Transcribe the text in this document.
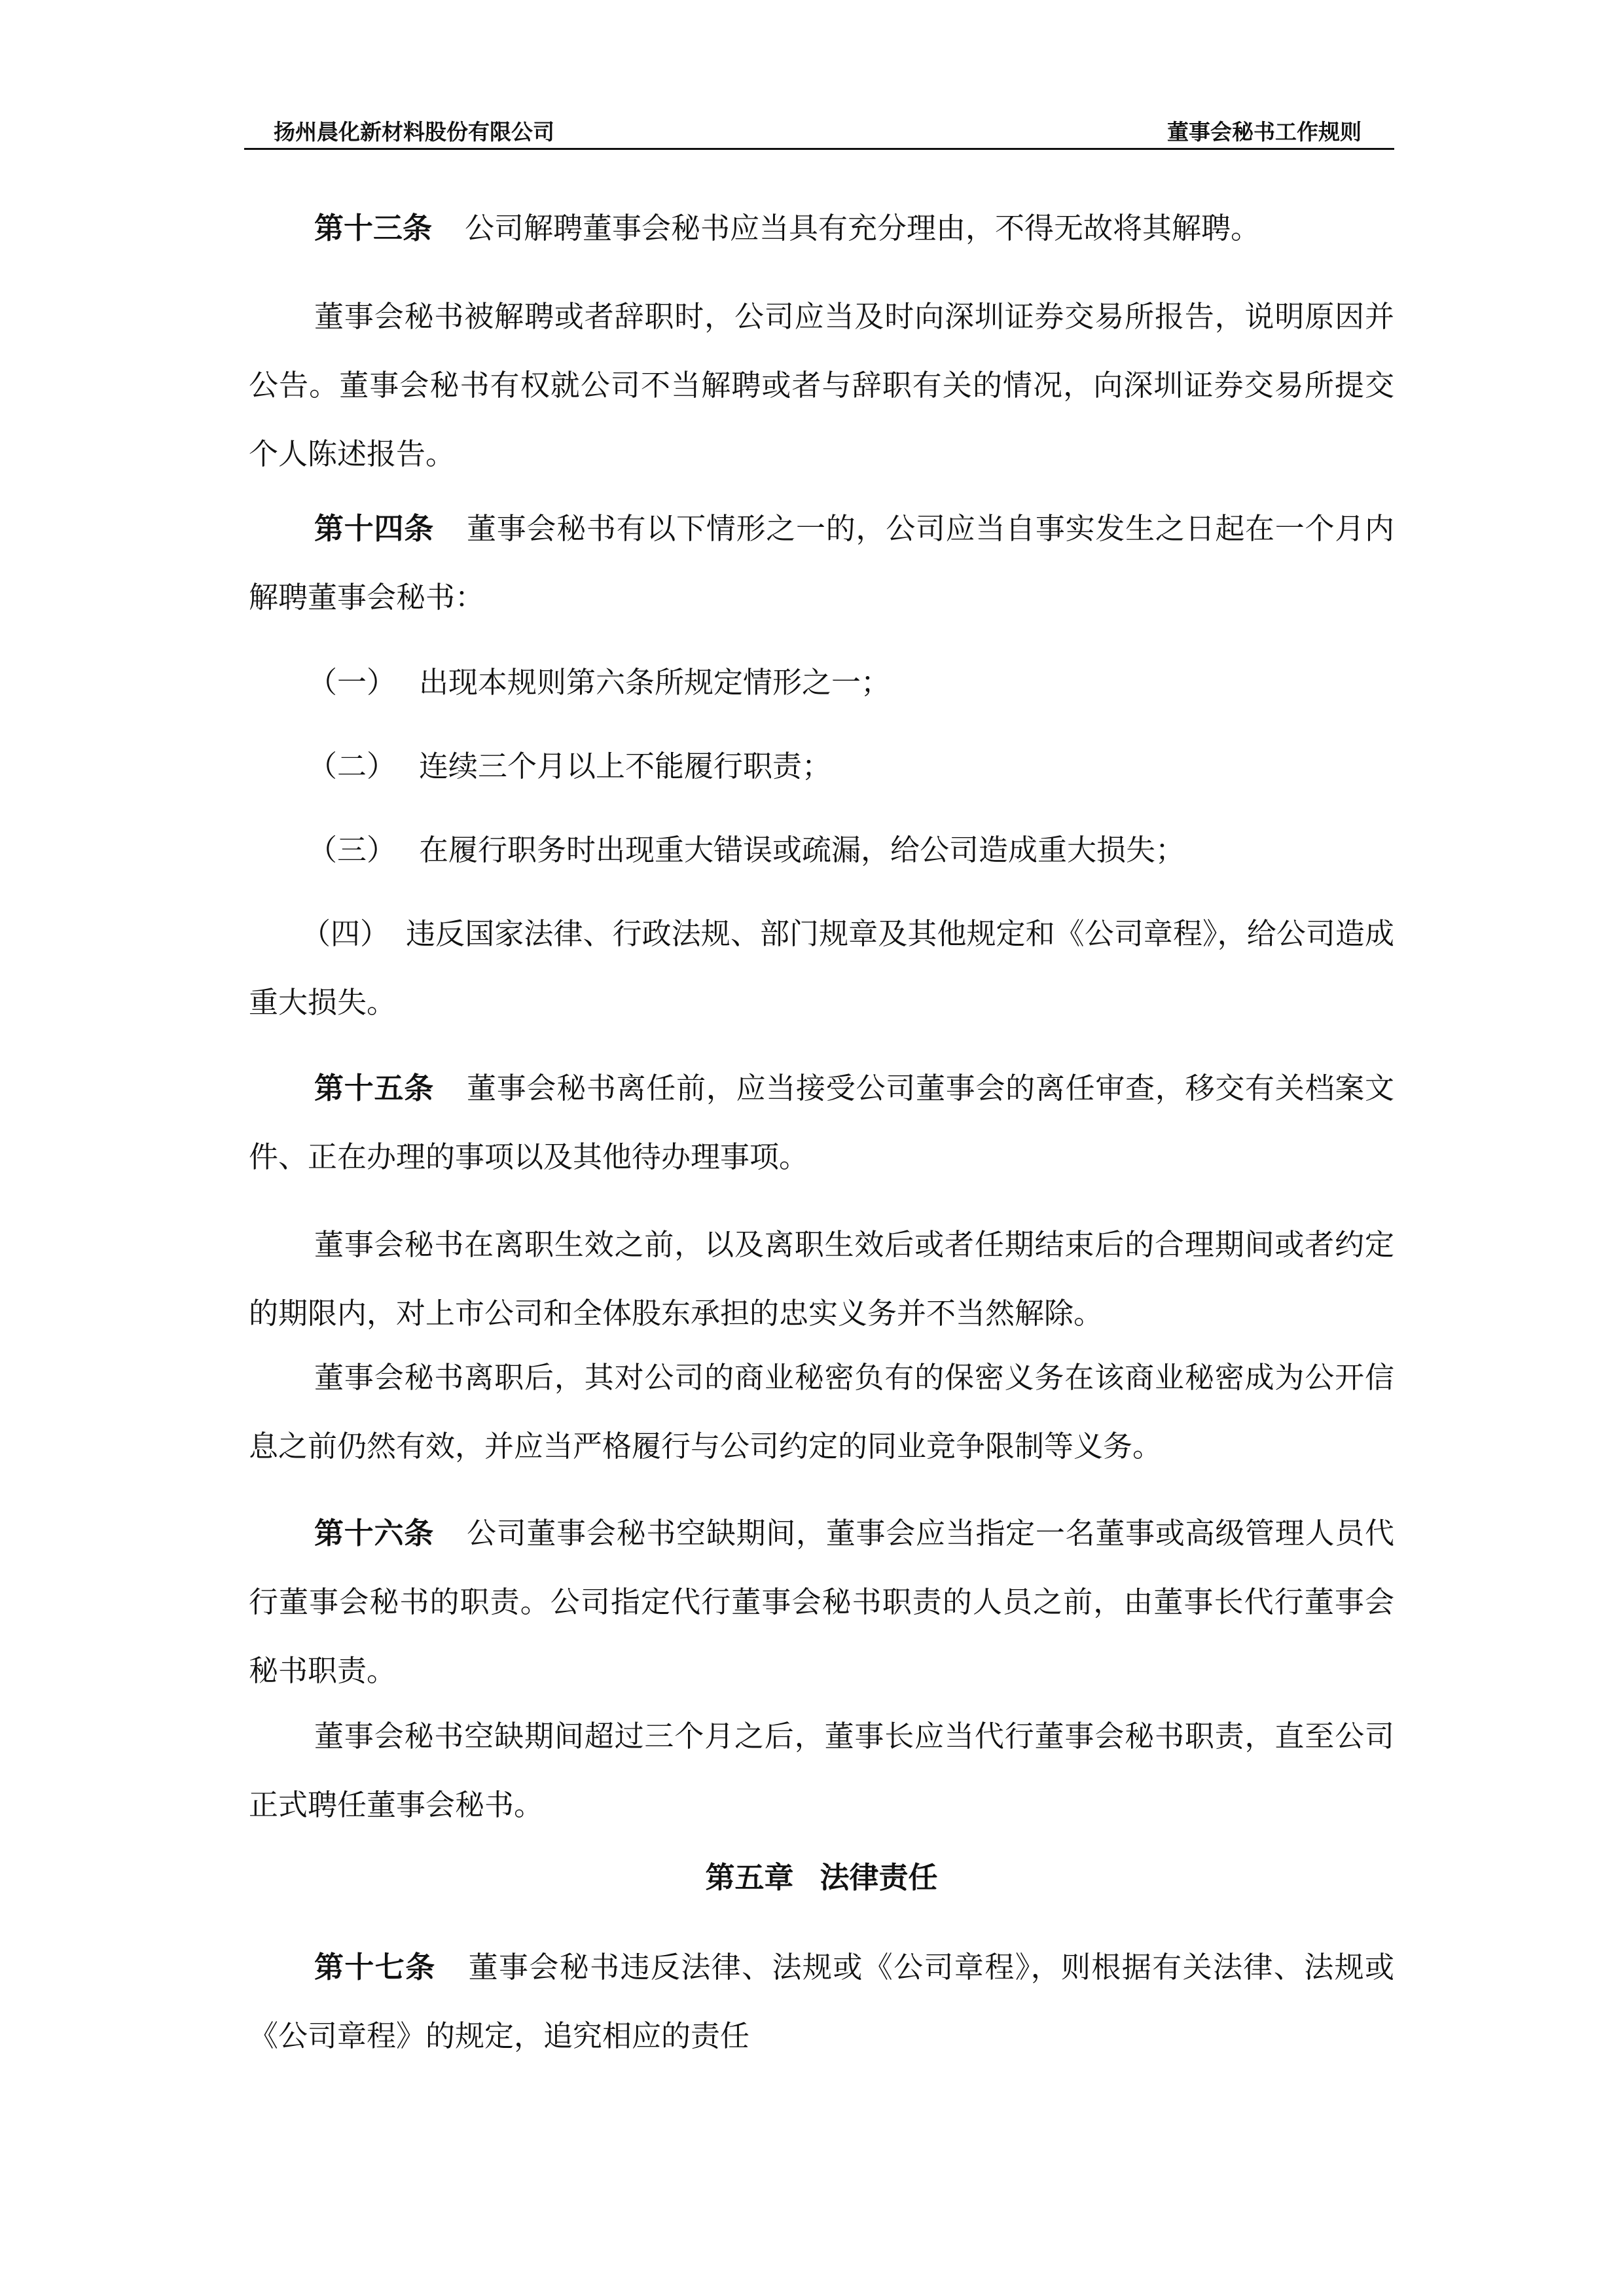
扬州晨化新材料股份有限公司	董事会秘书工作规则

第十三条 公司解聘董事会秘书应当具有充分理由，不得无故将其解聘。

董事会秘书被解聘或者辞职时，公司应当及时向深圳证券交易所报告，说明原因并公告。董事会秘书有权就公司不当解聘或者与辞职有关的情况，向深圳证券交易所提交个人陈述报告。

第十四条 董事会秘书有以下情形之一的，公司应当自事实发生之日起在一个月内解聘董事会秘书：

（一） 出现本规则第六条所规定情形之一；

（二） 连续三个月以上不能履行职责；

（三） 在履行职务时出现重大错误或疏漏，给公司造成重大损失；

（四） 违反国家法律、行政法规、部门规章及其他规定和《公司章程》，给公司造成重大损失。

第十五条 董事会秘书离任前，应当接受公司董事会的离任审查，移交有关档案文件、正在办理的事项以及其他待办理事项。

董事会秘书在离职生效之前，以及离职生效后或者任期结束后的合理期间或者约定的期限内，对上市公司和全体股东承担的忠实义务并不当然解除。

董事会秘书离职后，其对公司的商业秘密负有的保密义务在该商业秘密成为公开信息之前仍然有效，并应当严格履行与公司约定的同业竞争限制等义务。

第十六条 公司董事会秘书空缺期间，董事会应当指定一名董事或高级管理人员代行董事会秘书的职责。公司指定代行董事会秘书职责的人员之前，由董事长代行董事会秘书职责。

董事会秘书空缺期间超过三个月之后，董事长应当代行董事会秘书职责，直至公司正式聘任董事会秘书。

第五章 法律责任

第十七条 董事会秘书违反法律、法规或《公司章程》，则根据有关法律、法规或《公司章程》的规定，追究相应的责任
